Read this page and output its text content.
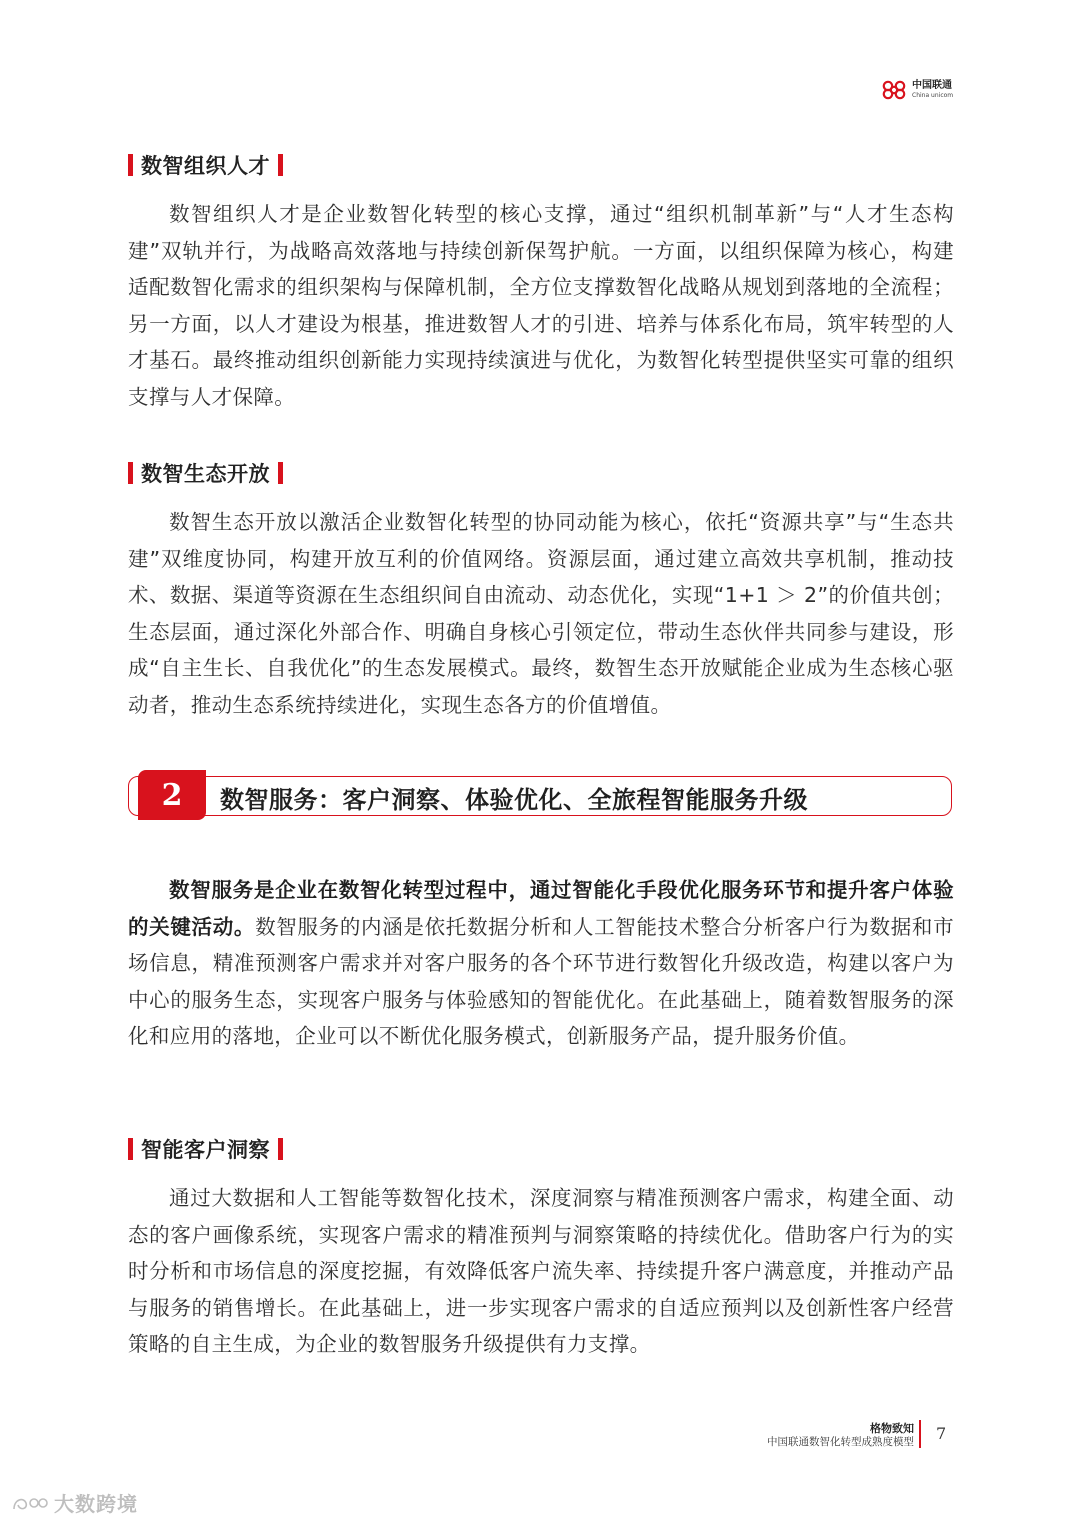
中国联通
China unicom
数智组织人才

数智组织人才是企业数智化转型的核心支撑，通过“组织机制革新”与“人才生态构建”双轨并行，为战略高效落地与持续创新保驾护航。一方面，以组织保障为核心，构建适配数智化需求的组织架构与保障机制，全方位支撑数智化战略从规划到落地的全流程；另一方面，以人才建设为根基，推进数智人才的引进、培养与体系化布局，筑牢转型的人才基石。最终推动组织创新能力实现持续演进与优化，为数智化转型提供坚实可靠的组织支撑与人才保障。

数智生态开放

数智生态开放以激活企业数智化转型的协同动能为核心，依托“资源共享”与“生态共建”双维度协同，构建开放互利的价值网络。资源层面，通过建立高效共享机制，推动技术、数据、渠道等资源在生态组织间自由流动、动态优化，实现“1+1 ＞ 2”的价值共创；生态层面，通过深化外部合作、明确自身核心引领定位，带动生态伙伴共同参与建设，形成“自主生长、自我优化”的生态发展模式。最终，数智生态开放赋能企业成为生态核心驱动者，推动生态系统持续进化，实现生态各方的价值增值。

2 数智服务：客户洞察、体验优化、全旅程智能服务升级

数智服务是企业在数智化转型过程中，通过智能化手段优化服务环节和提升客户体验的关键活动。数智服务的内涵是依托数据分析和人工智能技术整合分析客户行为数据和市场信息，精准预测客户需求并对客户服务的各个环节进行数智化升级改造，构建以客户为中心的服务生态，实现客户服务与体验感知的智能优化。在此基础上，随着数智服务的深化和应用的落地，企业可以不断优化服务模式，创新服务产品，提升服务价值。

智能客户洞察

通过大数据和人工智能等数智化技术，深度洞察与精准预测客户需求，构建全面、动态的客户画像系统，实现客户需求的精准预判与洞察策略的持续优化。借助客户行为的实时分析和市场信息的深度挖掘，有效降低客户流失率、持续提升客户满意度，并推动产品与服务的销售增长。在此基础上，进一步实现客户需求的自适应预判以及创新性客户经营策略的自主生成，为企业的数智服务升级提供有力支撑。

格物致知
中国联通数智化转型成熟度模型 7
大数跨境
